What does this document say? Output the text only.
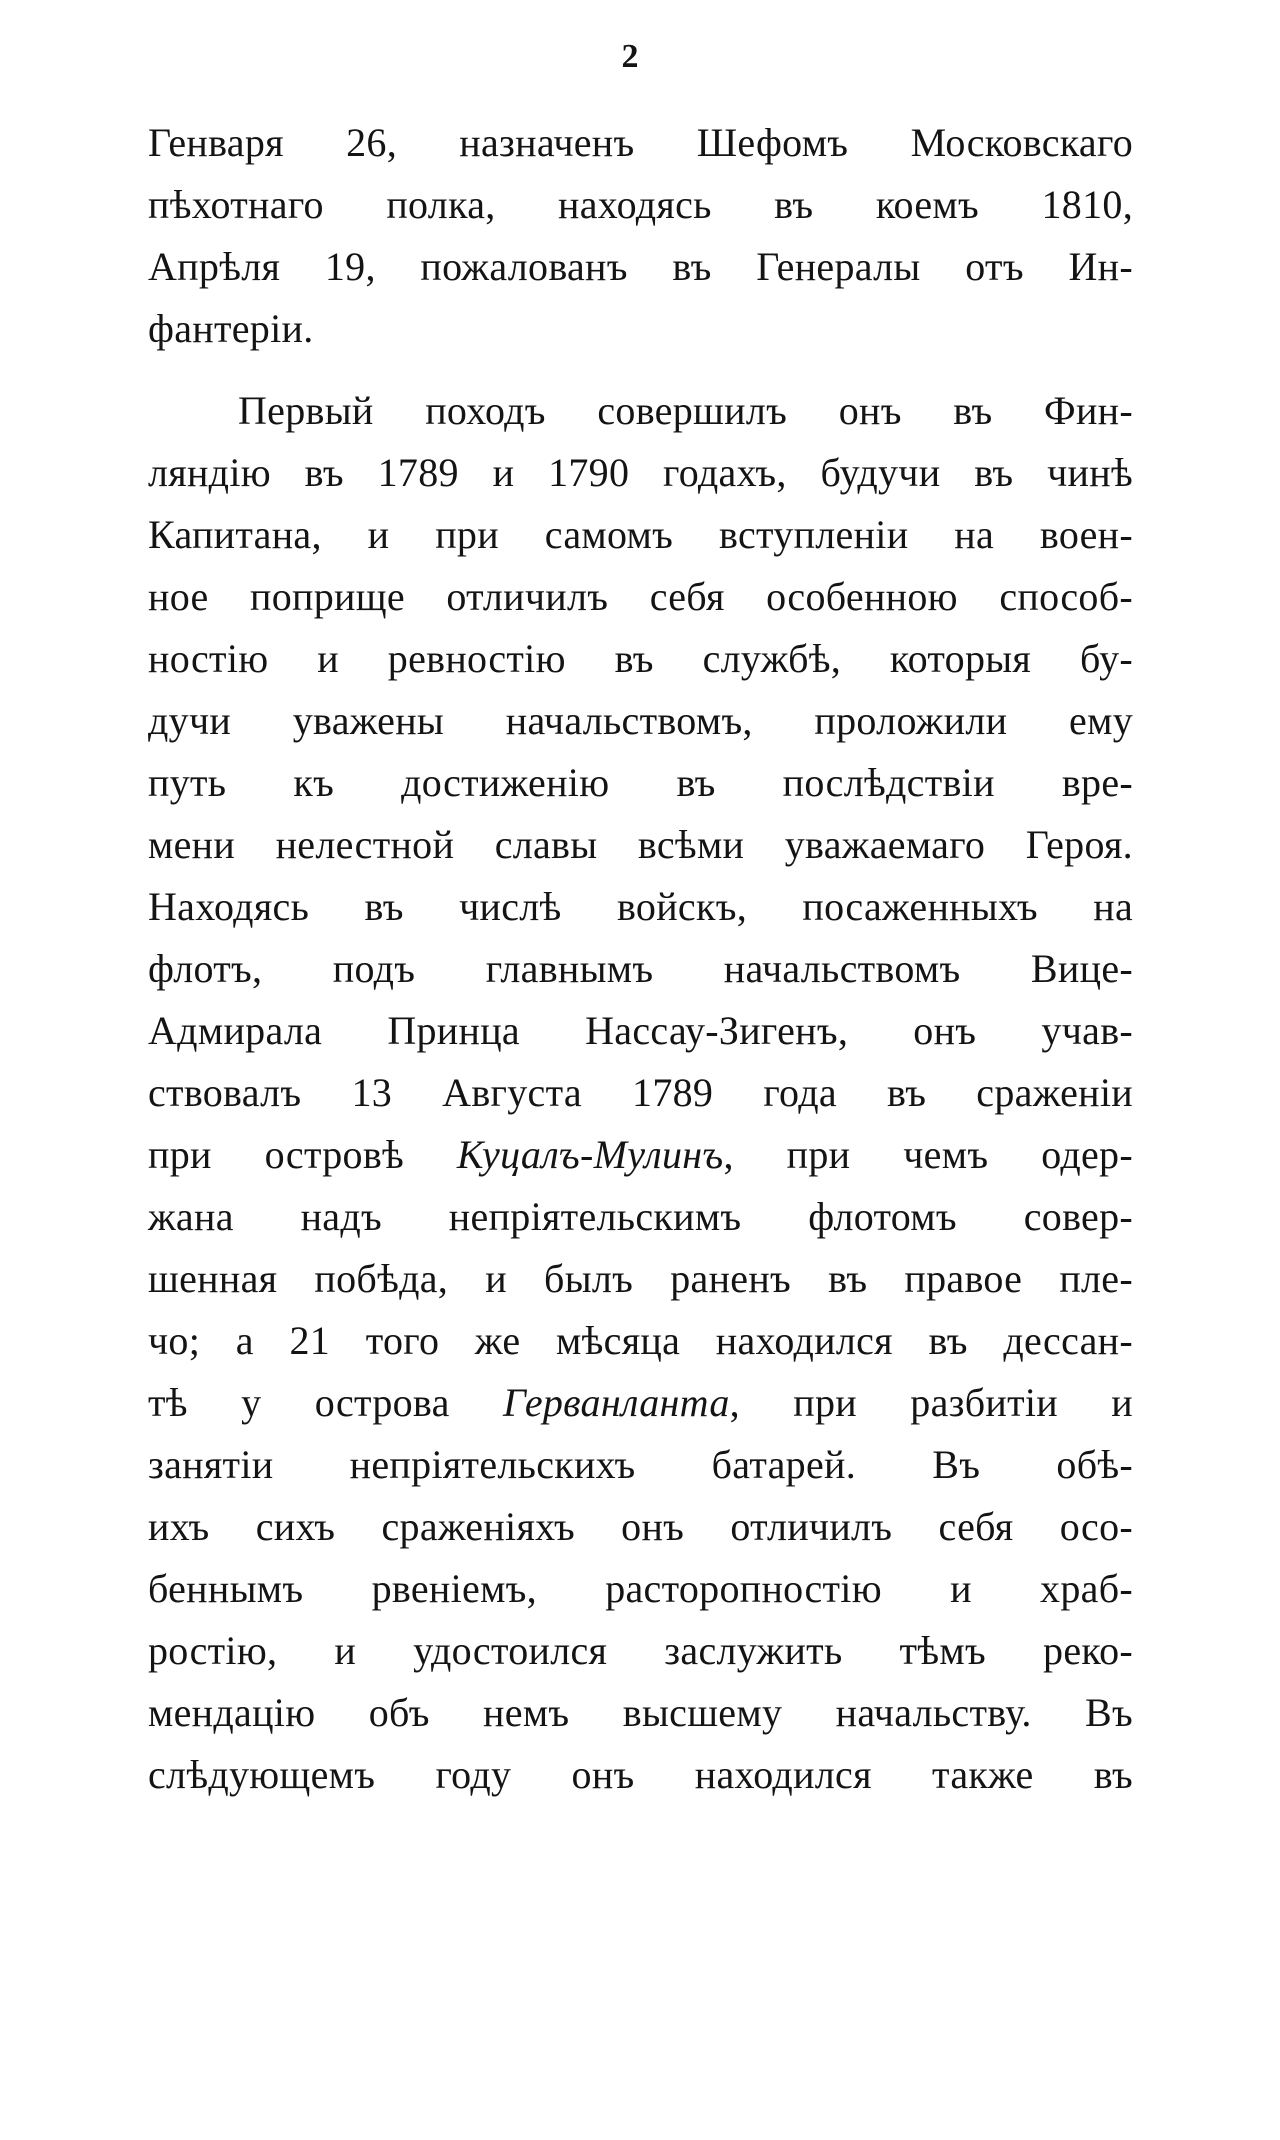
2
Генваря 26, назначенъ Шефомъ Московскаго
пѣхотнаго полка, находясь въ коемъ 1810,
Апрѣля 19, пожалованъ въ Генералы отъ Ин-
фантеріи.
Первый походъ совершилъ онъ въ Фин-
ляндію въ 1789 и 1790 годахъ, будучи въ чинѣ
Капитана, и при самомъ вступленіи на воен-
ное поприще отличилъ себя особенною способ-
ностію и ревностію въ службѣ, которыя бу-
дучи уважены начальствомъ, проложили ему
путь къ достиженію въ послѣдствіи вре-
мени нелестной славы всѣми уважаемаго Героя.
Находясь въ числѣ войскъ, посаженныхъ на
флотъ, подъ главнымъ начальствомъ Вице-
Адмирала Принца Нассау-Зигенъ, онъ учав-
ствовалъ 13 Августа 1789 года въ сраженіи
при островѣ Куцалъ-Мулинъ, при чемъ одер-
жана надъ непріятельскимъ флотомъ совер-
шенная побѣда, и былъ раненъ въ правое пле-
чо; а 21 того же мѣсяца находился въ дессан-
тѣ у острова Герванланта, при разбитіи и
занятіи непріятельскихъ батарей. Въ обѣ-
ихъ сихъ сраженіяхъ онъ отличилъ себя осо-
беннымъ рвеніемъ, расторопностію и храб-
ростію, и удостоился заслужить тѣмъ реко-
мендацію объ немъ высшему начальству. Въ
слѣдующемъ году онъ находился также въ
